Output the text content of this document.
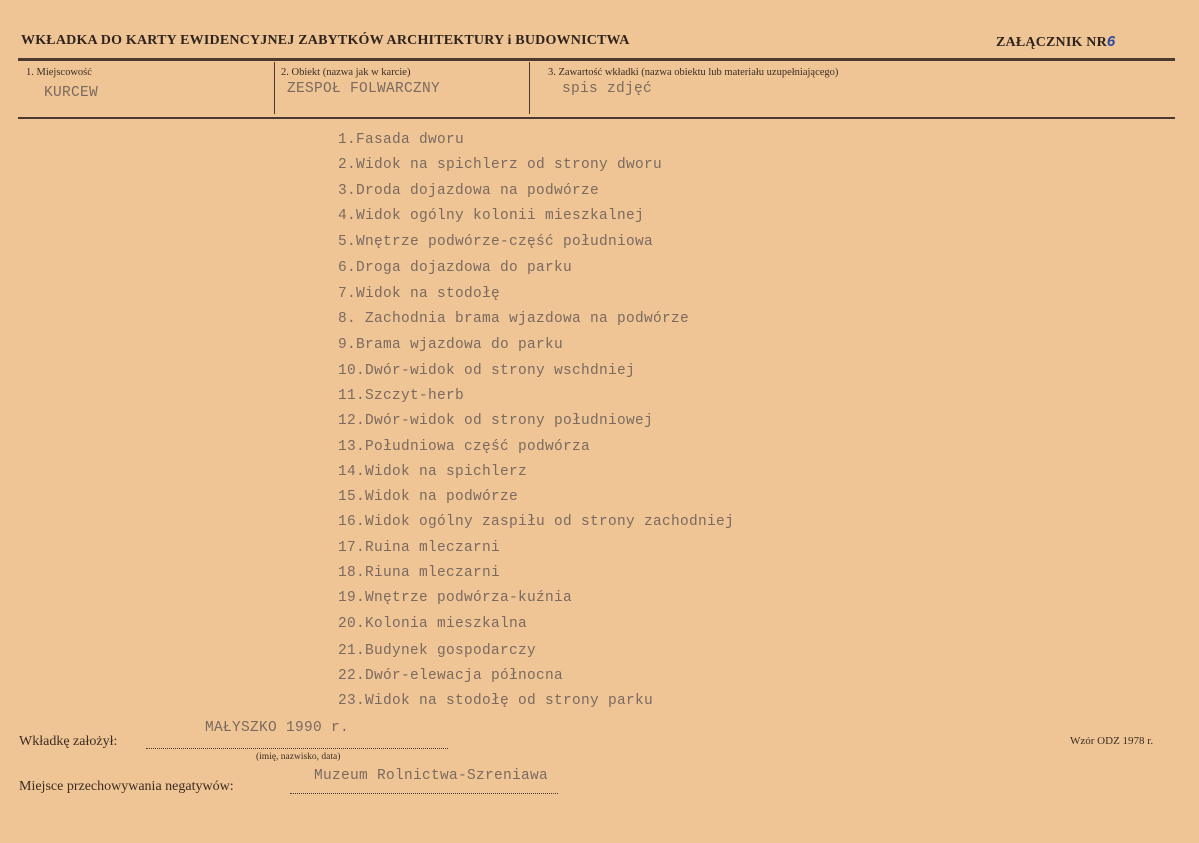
WKŁADKA DO KARTY EWIDENCYJNEJ ZABYTKÓW ARCHITEKTURY i BUDOWNICTWA	ZAŁĄCZNIK NR6
1. Miejscowość
KURCEW
2. Obiekt (nazwa jak w karcie)
ZESPOŁ FOLWARCZNY
3. Zawartość wkładki (nazwa obiektu lub materiału uzupełniającego)
spis zdjęć
1.Fasada dworu
2.Widok na spichlerz od strony dworu
3.Droda dojazdowa na podwórze
4.Widok ogólny kolonii mieszkalnej
5.Wnętrze podwórze-część południowa
6.Droga dojazdowa do parku
7.Widok na stodołę
8. Zachodnia brama wjazdowa na podwórze
9.Brama wjazdowa do parku
10.Dwór-widok od strony wschdniej
11.Szczyt-herb
12.Dwór-widok od strony południowej
13.Południowa część podwórza
14.Widok na spichlerz
15.Widok na podwórze
16.Widok ogólny zaspiłu od strony zachodniej
17.Ruina mleczarni
18.Riuna mleczarni
19.Wnętrze podwórza-kuźnia
20.Kolonia mieszkalna
21.Budynek gospodarczy
22.Dwór-elewacja północna
23.Widok na stodołę od strony parku
Wkładkę założył:
MAŁYSZKO 1990 r.
(imię, nazwisko, data)
Wzór ODZ 1978 r.
Miejsce przechowywania negatywów:
Muzeum Rolnictwa-Szreniawa
